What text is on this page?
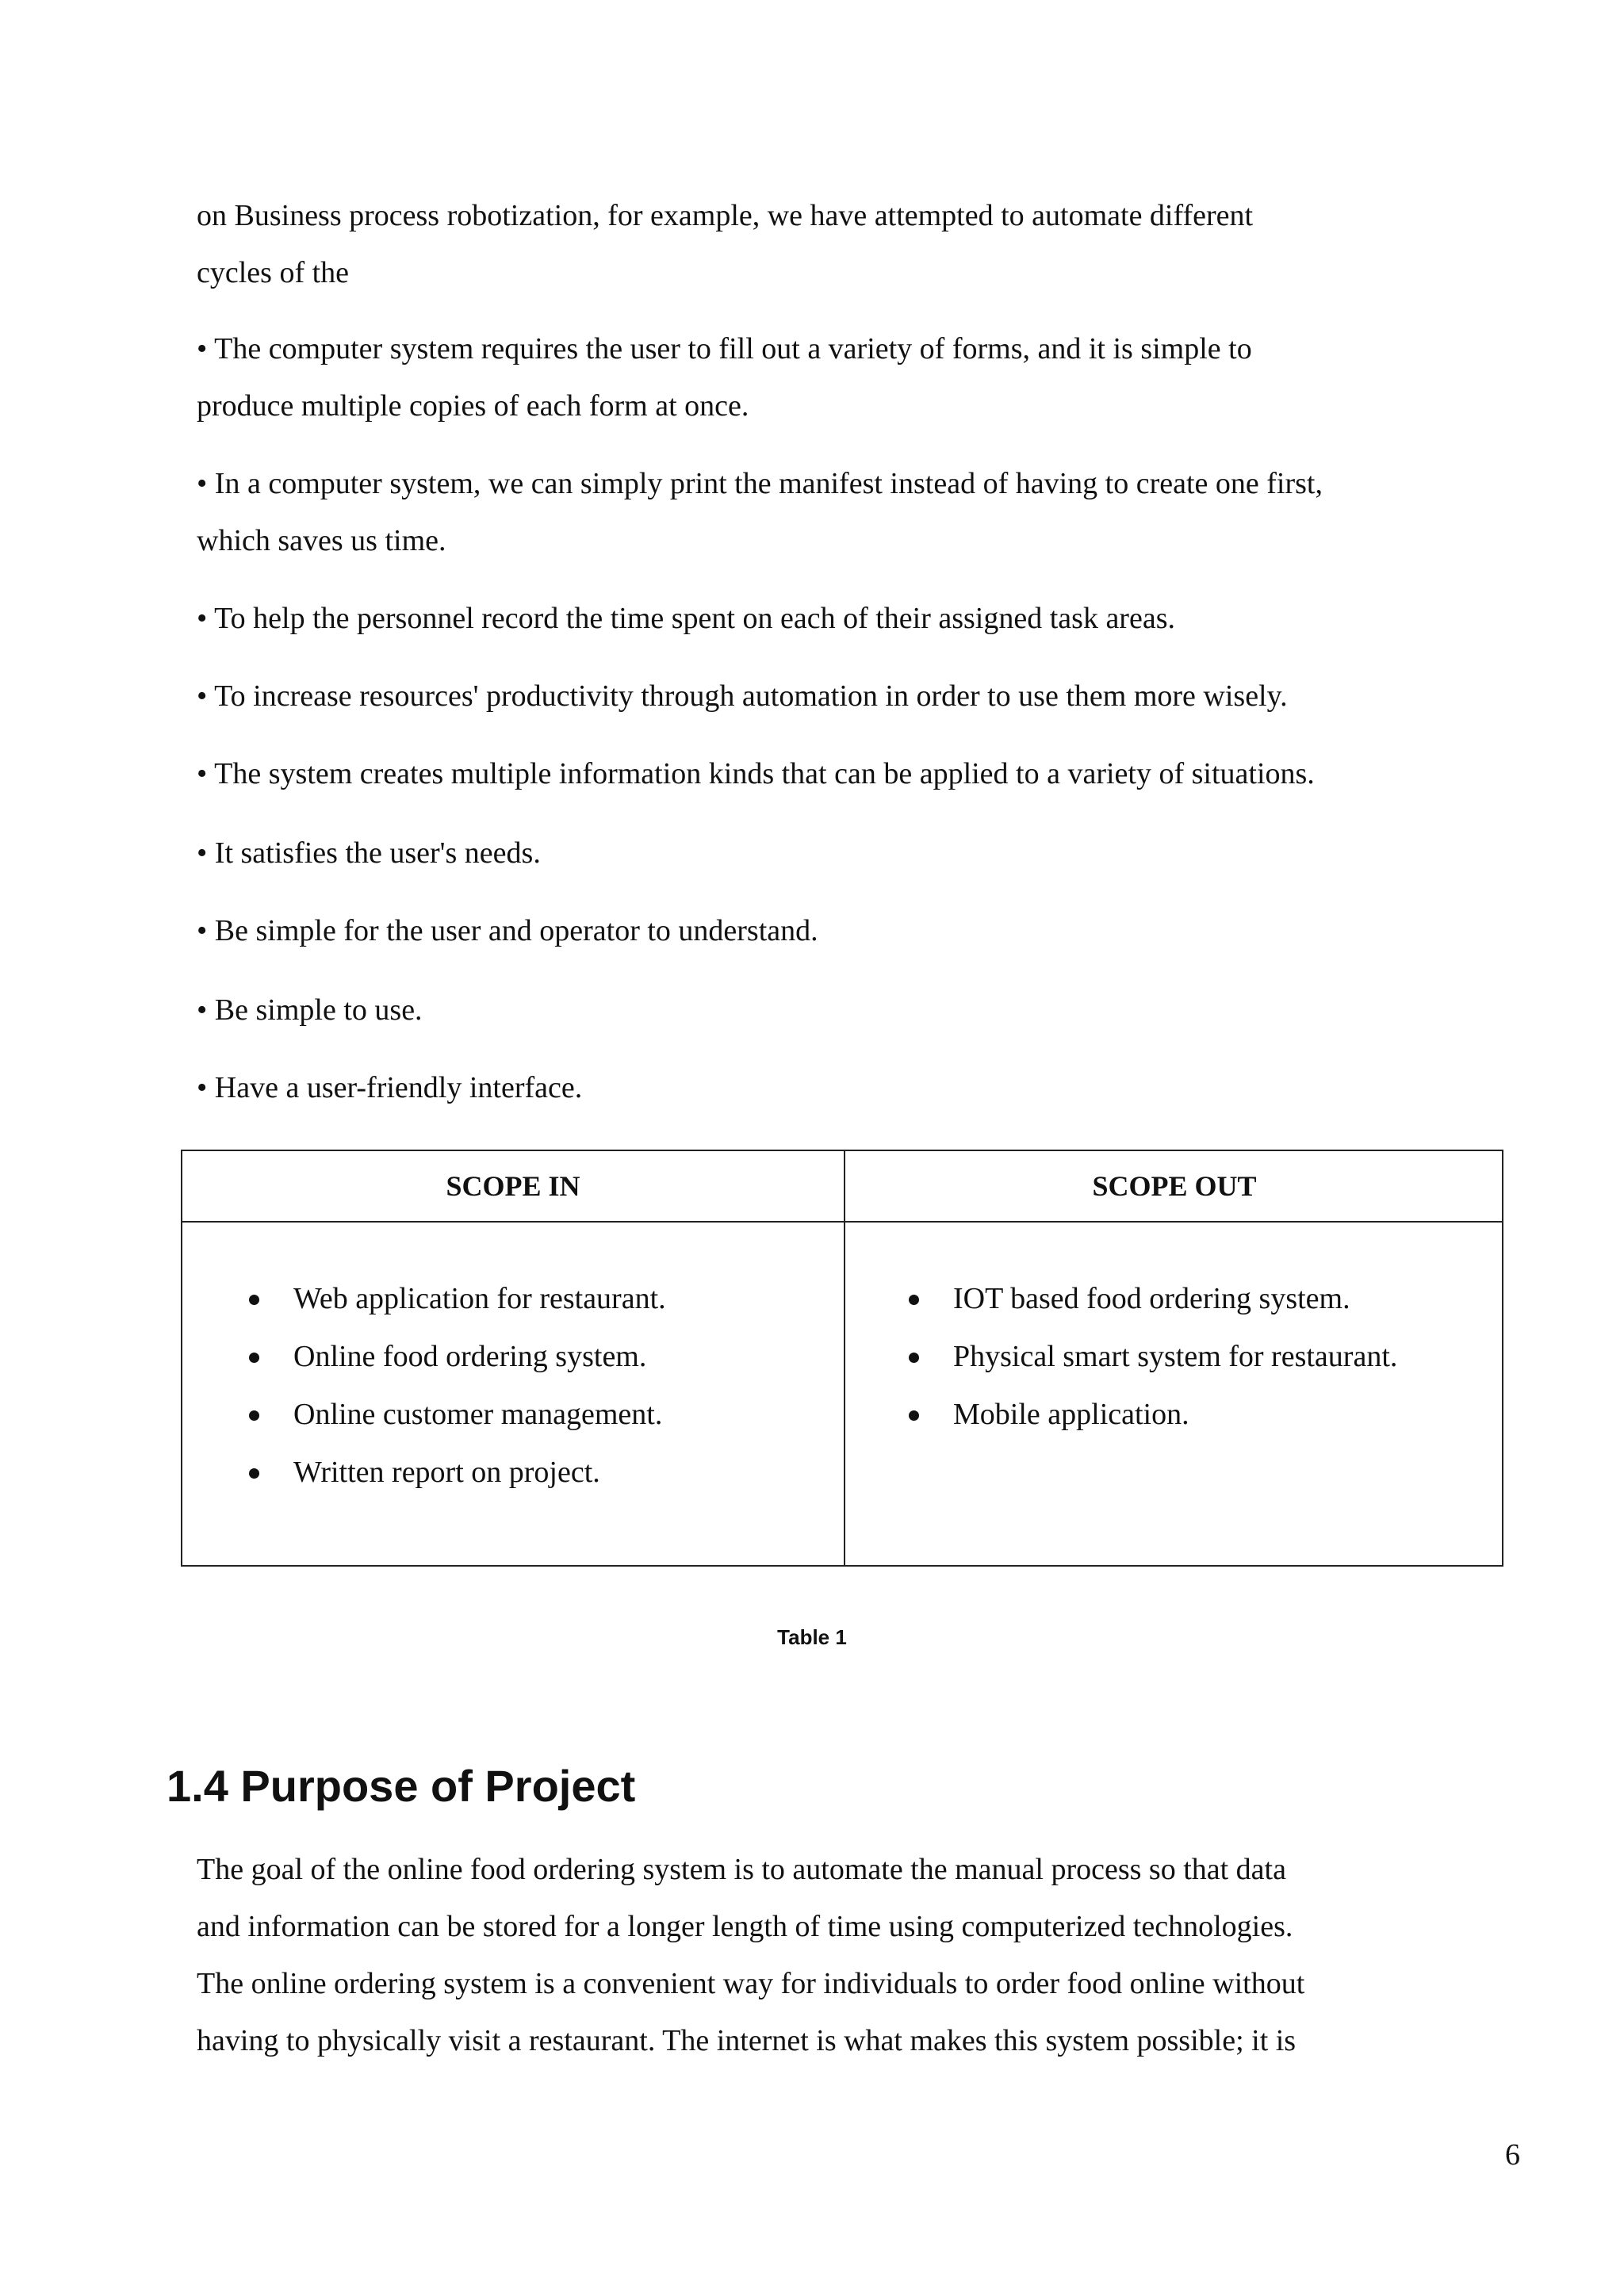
on Business process robotization, for example, we have attempted to automate different

cycles of the

• The computer system requires the user to fill out a variety of forms, and it is simple to

produce multiple copies of each form at once.

• In a computer system, we can simply print the manifest instead of having to create one first,

which saves us time.

• To help the personnel record the time spent on each of their assigned task areas.

• To increase resources' productivity through automation in order to use them more wisely.

• The system creates multiple information kinds that can be applied to a variety of situations.

• It satisfies the user's needs.

• Be simple for the user and operator to understand.

• Be simple to use.

• Have a user-friendly interface.

SCOPE IN	SCOPE OUT
Web application for restaurant.
Online food ordering system.
Online customer management.
Written report on project.
IOT based food ordering system.
Physical smart system for restaurant.
Mobile application.
Table 1
1.4 Purpose of Project

The goal of the online food ordering system is to automate the manual process so that data

and information can be stored for a longer length of time using computerized technologies.

The online ordering system is a convenient way for individuals to order food online without

having to physically visit a restaurant. The internet is what makes this system possible; it is

6
